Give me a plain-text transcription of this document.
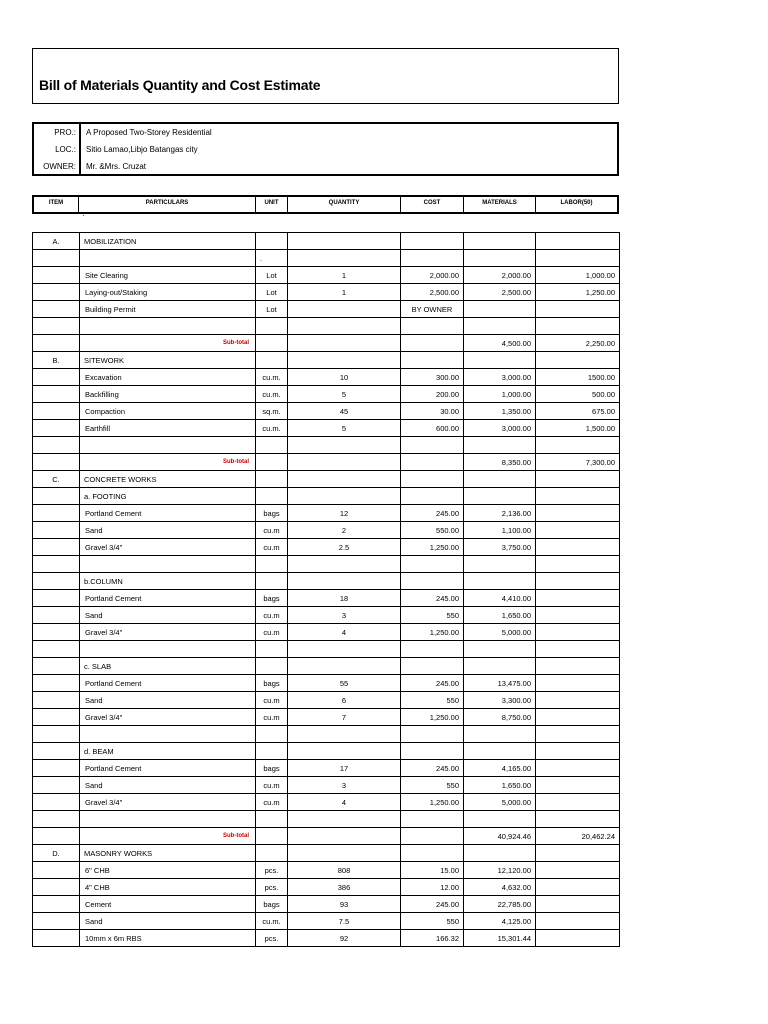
Bill of Materials Quantity and Cost Estimate
PRO.: A Proposed Two-Storey Residential
LOC.: Sitio Lamao,Libjo Batangas city
OWNER: Mr. &Mrs. Cruzat
ITEM	PARTICULARS	UNIT	QUANTITY	COST	MATERIALS	LABOR(50)
·
A.	MOBILIZATION					
		.				
	Site Clearing	Lot	1	2,000.00	2,000.00	1,000.00
	Laying-out/Staking	Lot	1	2,500.00	2,500.00	1,250.00
	Building Permit	Lot		BY OWNER		

	Sub-total				4,500.00	2,250.00
B.	SITEWORK					
	Excavation	cu.m.	10	300.00	3,000.00	1500.00
	Backfilling	cu.m.	5	200.00	1,000.00	500.00
	Compaction	sq.m.	45	30.00	1,350.00	675.00
	Earthfill	cu.m.	5	600.00	3,000.00	1,500.00

	Sub-total				8,350.00	7,300.00
C.	CONCRETE WORKS					
	a. FOOTING					
	Portland Cement	bags	12	245.00	2,136.00	
	Sand	cu.m	2	550.00	1,100.00	
	Gravel 3/4"	cu.m	2.5	1,250.00	3,750.00	

	b.COLUMN					
	Portland Cement	bags	18	245.00	4,410.00	
	Sand	cu.m	3	550	1,650.00	
	Gravel 3/4"	cu.m	4	1,250.00	5,000.00	

	c. SLAB					
	Portland Cement	bags	55	245.00	13,475.00	
	Sand	cu.m	6	550	3,300.00	
	Gravel 3/4"	cu.m	7	1,250.00	8,750.00	

	d. BEAM					
	Portland Cement	bags	17	245.00	4,165.00	
	Sand	cu.m	3	550	1,650.00	
	Gravel 3/4"	cu.m	4	1,250.00	5,000.00	

	Sub-total				40,924.46	20,462.24
D.	MASONRY WORKS					
	6" CHB	pcs.	808	15.00	12,120.00	
	4" CHB	pcs.	386	12.00	4,632.00	
	Cement	bags	93	245.00	22,785.00	
	Sand	cu.m.	7.5	550	4,125.00	
	10mm x 6m RBS	pcs.	92	166.32	15,301.44	
